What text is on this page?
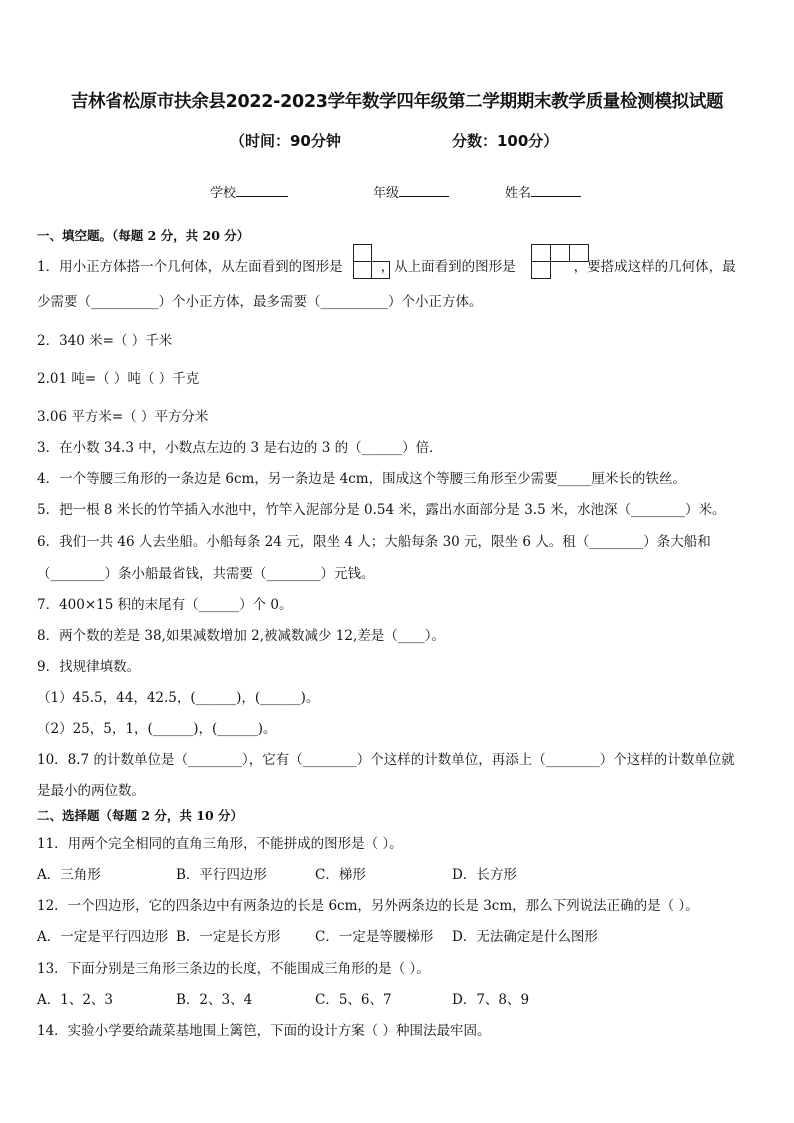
吉林省松原市扶余县2022-2023学年数学四年级第二学期期末教学质量检测模拟试题
（时间：90分钟	分数：100分）
学校	年级	姓名
一、填空题。（每题 2 分，共 20 分）
1．用小正方体搭一个几何体，从左面看到的图形是	，从上面看到的图形是	，要搭成这样的几何体，最
少需要（__________）个小正方体，最多需要（__________）个小正方体。
2．340 米=（ ）千米
2.01 吨=（ ）吨（ ）千克
3.06 平方米=（ ）平方分米
3．在小数 34.3 中，小数点左边的 3 是右边的 3 的（______）倍．
4．一个等腰三角形的一条边是 6cm，另一条边是 4cm，围成这个等腰三角形至少需要_____厘米长的铁丝。
5．把一根 8 米长的竹竿插入水池中，竹竿入泥部分是 0.54 米，露出水面部分是 3.5 米，水池深（________）米。
6．我们一共 46 人去坐船。小船每条 24 元，限坐 4 人；大船每条 30 元，限坐 6 人。租（________）条大船和
（________）条小船最省钱，共需要（________）元钱。
7．400×15 积的末尾有（______）个 0。
8．两个数的差是 38,如果减数增加 2,被减数减少 12,差是（____）。
9．找规律填数。
（1）45.5，44，42.5，(______)，(______)。
（2）25，5，1，(______)，(______)。
10．8.7 的计数单位是（________），它有（________）个这样的计数单位，再添上（________）个这样的计数单位就
是最小的两位数。
二、选择题（每题 2 分，共 10 分）
11．用两个完全相同的直角三角形，不能拼成的图形是（ ）。
A．三角形	B．平行四边形	C．梯形	D．长方形
12．一个四边形，它的四条边中有两条边的长是 6cm，另外两条边的长是 3cm，那么下列说法正确的是（ ）。
A．一定是平行四边形 B．一定是长方形	C．一定是等腰梯形 D．无法确定是什么图形
13．下面分别是三角形三条边的长度，不能围成三角形的是（ ）。
A．1、2、3	B．2、3、4	C．5、6、7	D．7、8、9
14．实验小学要给蔬菜基地围上篱笆，下面的设计方案（ ）种围法最牢固。
